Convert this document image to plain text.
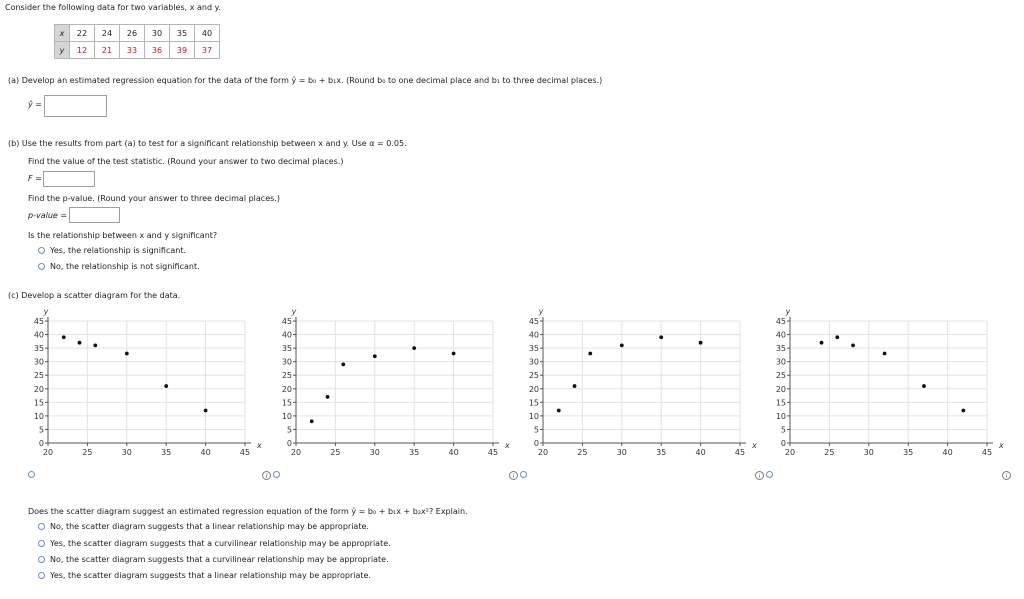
Consider the following data for two variables, x and y.
x	22	24	26	30	35	40
y	12	21	33	36	39	37
(a) Develop an estimated regression equation for the data of the form ŷ = b₀ + b₁x. (Round b₀ to one decimal place and b₁ to three decimal places.)
ŷ =
(b) Use the results from part (a) to test for a significant relationship between x and y. Use α = 0.05.
Find the value of the test statistic. (Round your answer to two decimal places.)
F =
Find the p-value. (Round your answer to three decimal places.)
p-value =
Is the relationship between x and y significant?
Yes, the relationship is significant.
No, the relationship is not significant.
(c) Develop a scatter diagram for the data.
0
5
10
15
20
25
30
35
40
45
20	25	30	35	40	45
x
y
0
5
10
15
20
25
30
35
40
45
20	25	30	35	40	45
x
y
0
5
10
15
20
25
30
35
40
45
20	25	30	35	40	45
x
y
0
5
10
15
20
25
30
35
40
45
20	25	30	35	40	45
x
y
i	i	i	i
Does the scatter diagram suggest an estimated regression equation of the form ŷ = b₀ + b₁x + b₂x²? Explain.
No, the scatter diagram suggests that a linear relationship may be appropriate.
Yes, the scatter diagram suggests that a curvilinear relationship may be appropriate.
No, the scatter diagram suggests that a curvilinear relationship may be appropriate.
Yes, the scatter diagram suggests that a linear relationship may be appropriate.
